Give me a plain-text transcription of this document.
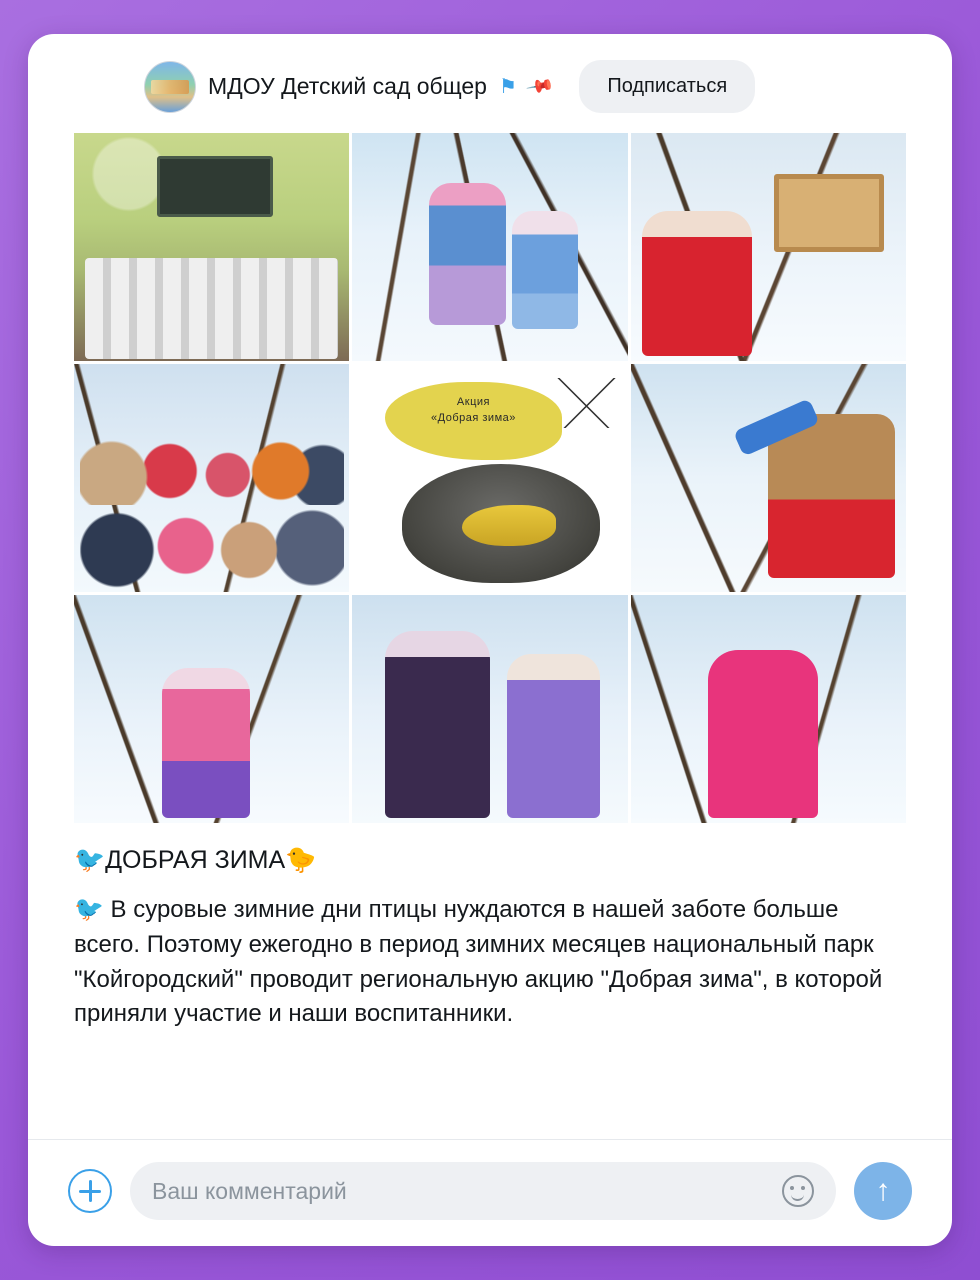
МДОУ Детский сад общер ⚑ 📌	Подписаться
Акция
«Добрая зима»

🐦ДОБРАЯ ЗИМА🐤

🐦 В суровые зимние дни птицы нуждаются в нашей заботе больше всего. Поэтому ежегодно в период зимних месяцев национальный парк "Койгородский" проводит региональную акцию "Добрая зима", в которой приняли участие и наши воспитанники.

Ваш комментарий	↑
